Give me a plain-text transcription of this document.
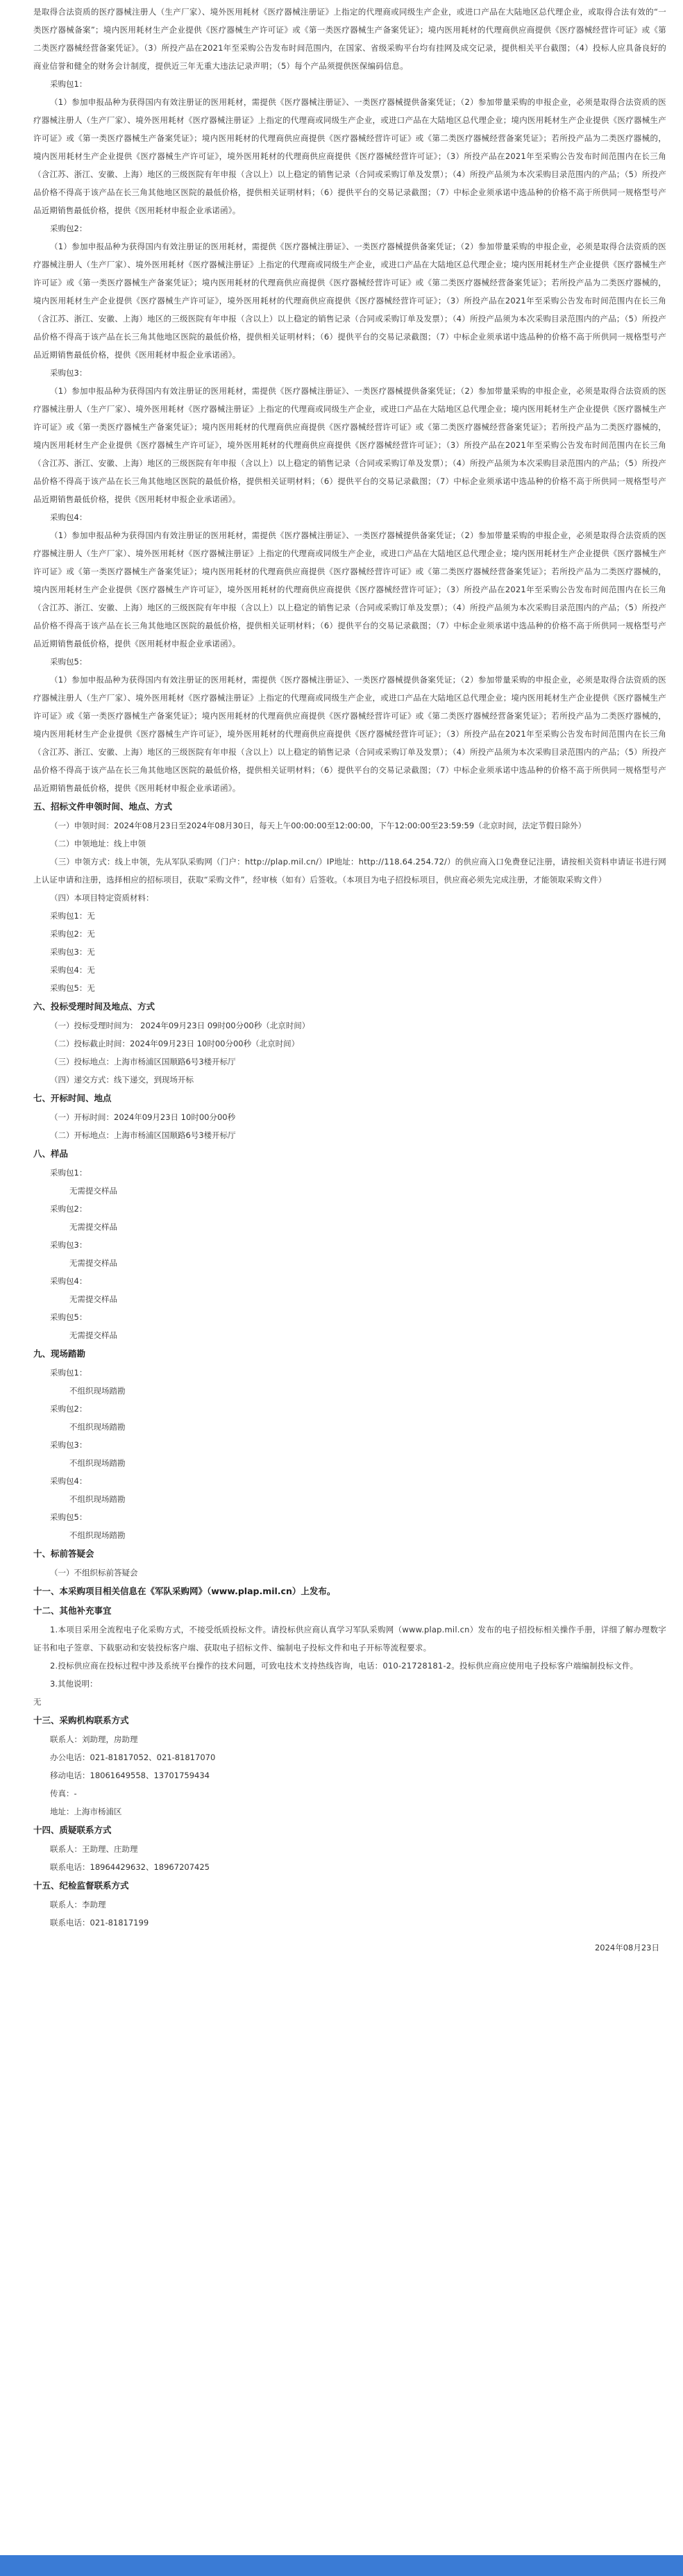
是取得合法资质的医疗器械注册人（生产厂家）、境外医用耗材《医疗器械注册证》上指定的代理商或同级生产企业，或进口产品在大陆地区总代理企业，或取得合法有效的“一类医疗器械备案”；境内医用耗材生产企业提供《医疗器械生产许可证》或《第一类医疗器械生产备案凭证》；境内医用耗材的代理商供应商提供《医疗器械经营许可证》或《第二类医疗器械经营备案凭证》。（3）所投产品在2021年至采购公告发布时间范围内，在国家、省级采购平台均有挂网及成交记录，提供相关平台截图；（4）投标人应具备良好的商业信誉和健全的财务会计制度，提供近三年无重大违法记录声明；（5）每个产品须提供医保编码信息。

采购包1：

（1）参加申报品种为获得国内有效注册证的医用耗材，需提供《医疗器械注册证》、一类医疗器械提供备案凭证；（2）参加带量采购的申报企业，必须是取得合法资质的医疗器械注册人（生产厂家）、境外医用耗材《医疗器械注册证》上指定的代理商或同级生产企业，或进口产品在大陆地区总代理企业；境内医用耗材生产企业提供《医疗器械生产许可证》或《第一类医疗器械生产备案凭证》；境内医用耗材的代理商供应商提供《医疗器械经营许可证》或《第二类医疗器械经营备案凭证》；若所投产品为二类医疗器械的，境内医用耗材生产企业提供《医疗器械生产许可证》，境外医用耗材的代理商供应商提供《医疗器械经营许可证》；（3）所投产品在2021年至采购公告发布时间范围内在长三角（含江苏、浙江、安徽、上海）地区的三级医院有年申报（含以上）以上稳定的销售记录（合同或采购订单及发票）；（4）所投产品须为本次采购目录范围内的产品；（5）所投产品价格不得高于该产品在长三角其他地区医院的最低价格，提供相关证明材料；（6）提供平台的交易记录截图；（7）中标企业须承诺中选品种的价格不高于所供同一规格型号产品近期销售最低价格，提供《医用耗材申报企业承诺函》。

采购包2：

（1）参加申报品种为获得国内有效注册证的医用耗材，需提供《医疗器械注册证》、一类医疗器械提供备案凭证；（2）参加带量采购的申报企业，必须是取得合法资质的医疗器械注册人（生产厂家）、境外医用耗材《医疗器械注册证》上指定的代理商或同级生产企业，或进口产品在大陆地区总代理企业；境内医用耗材生产企业提供《医疗器械生产许可证》或《第一类医疗器械生产备案凭证》；境内医用耗材的代理商供应商提供《医疗器械经营许可证》或《第二类医疗器械经营备案凭证》；若所投产品为二类医疗器械的，境内医用耗材生产企业提供《医疗器械生产许可证》，境外医用耗材的代理商供应商提供《医疗器械经营许可证》；（3）所投产品在2021年至采购公告发布时间范围内在长三角（含江苏、浙江、安徽、上海）地区的三级医院有年申报（含以上）以上稳定的销售记录（合同或采购订单及发票）；（4）所投产品须为本次采购目录范围内的产品；（5）所投产品价格不得高于该产品在长三角其他地区医院的最低价格，提供相关证明材料；（6）提供平台的交易记录截图；（7）中标企业须承诺中选品种的价格不高于所供同一规格型号产品近期销售最低价格，提供《医用耗材申报企业承诺函》。

采购包3：

（1）参加申报品种为获得国内有效注册证的医用耗材，需提供《医疗器械注册证》、一类医疗器械提供备案凭证；（2）参加带量采购的申报企业，必须是取得合法资质的医疗器械注册人（生产厂家）、境外医用耗材《医疗器械注册证》上指定的代理商或同级生产企业，或进口产品在大陆地区总代理企业；境内医用耗材生产企业提供《医疗器械生产许可证》或《第一类医疗器械生产备案凭证》；境内医用耗材的代理商供应商提供《医疗器械经营许可证》或《第二类医疗器械经营备案凭证》；若所投产品为二类医疗器械的，境内医用耗材生产企业提供《医疗器械生产许可证》，境外医用耗材的代理商供应商提供《医疗器械经营许可证》；（3）所投产品在2021年至采购公告发布时间范围内在长三角（含江苏、浙江、安徽、上海）地区的三级医院有年申报（含以上）以上稳定的销售记录（合同或采购订单及发票）；（4）所投产品须为本次采购目录范围内的产品；（5）所投产品价格不得高于该产品在长三角其他地区医院的最低价格，提供相关证明材料；（6）提供平台的交易记录截图；（7）中标企业须承诺中选品种的价格不高于所供同一规格型号产品近期销售最低价格，提供《医用耗材申报企业承诺函》。

采购包4：

（1）参加申报品种为获得国内有效注册证的医用耗材，需提供《医疗器械注册证》、一类医疗器械提供备案凭证；（2）参加带量采购的申报企业，必须是取得合法资质的医疗器械注册人（生产厂家）、境外医用耗材《医疗器械注册证》上指定的代理商或同级生产企业，或进口产品在大陆地区总代理企业；境内医用耗材生产企业提供《医疗器械生产许可证》或《第一类医疗器械生产备案凭证》；境内医用耗材的代理商供应商提供《医疗器械经营许可证》或《第二类医疗器械经营备案凭证》；若所投产品为二类医疗器械的，境内医用耗材生产企业提供《医疗器械生产许可证》，境外医用耗材的代理商供应商提供《医疗器械经营许可证》；（3）所投产品在2021年至采购公告发布时间范围内在长三角（含江苏、浙江、安徽、上海）地区的三级医院有年申报（含以上）以上稳定的销售记录（合同或采购订单及发票）；（4）所投产品须为本次采购目录范围内的产品；（5）所投产品价格不得高于该产品在长三角其他地区医院的最低价格，提供相关证明材料；（6）提供平台的交易记录截图；（7）中标企业须承诺中选品种的价格不高于所供同一规格型号产品近期销售最低价格，提供《医用耗材申报企业承诺函》。

采购包5：

（1）参加申报品种为获得国内有效注册证的医用耗材，需提供《医疗器械注册证》、一类医疗器械提供备案凭证；（2）参加带量采购的申报企业，必须是取得合法资质的医疗器械注册人（生产厂家）、境外医用耗材《医疗器械注册证》上指定的代理商或同级生产企业，或进口产品在大陆地区总代理企业；境内医用耗材生产企业提供《医疗器械生产许可证》或《第一类医疗器械生产备案凭证》；境内医用耗材的代理商供应商提供《医疗器械经营许可证》或《第二类医疗器械经营备案凭证》；若所投产品为二类医疗器械的，境内医用耗材生产企业提供《医疗器械生产许可证》，境外医用耗材的代理商供应商提供《医疗器械经营许可证》；（3）所投产品在2021年至采购公告发布时间范围内在长三角（含江苏、浙江、安徽、上海）地区的三级医院有年申报（含以上）以上稳定的销售记录（合同或采购订单及发票）；（4）所投产品须为本次采购目录范围内的产品；（5）所投产品价格不得高于该产品在长三角其他地区医院的最低价格，提供相关证明材料；（6）提供平台的交易记录截图；（7）中标企业须承诺中选品种的价格不高于所供同一规格型号产品近期销售最低价格，提供《医用耗材申报企业承诺函》。

五、招标文件申领时间、地点、方式

（一）申领时间：2024年08月23日至2024年08月30日，每天上午00:00:00至12:00:00，下午12:00:00至23:59:59（北京时间，法定节假日除外）

（二）申领地址：线上申领

（三）申领方式：线上申领，先从军队采购网（门户：http://plap.mil.cn/）IP地址：http://118.64.254.72/）的供应商入口免费登记注册，请按相关资料申请证书进行网上认证申请和注册，选择相应的招标项目，获取“采购文件”，经审核（如有）后签收。（本项目为电子招投标项目，供应商必须先完成注册，才能领取采购文件）

（四）本项目特定资质材料：

采购包1：无

采购包2：无

采购包3：无

采购包4：无

采购包5：无

六、投标受理时间及地点、方式

（一）投标受理时间为： 2024年09月23日 09时00分00秒（北京时间）

（二）投标截止时间：2024年09月23日 10时00分00秒（北京时间）

（三）投标地点：上海市杨浦区国顺路6号3楼开标厅

（四）递交方式：线下递交，到现场开标

七、开标时间、地点

（一）开标时间：2024年09月23日 10时00分00秒

（二）开标地点：上海市杨浦区国顺路6号3楼开标厅

八、样品

采购包1：

无需提交样品

采购包2：

无需提交样品

采购包3：

无需提交样品

采购包4：

无需提交样品

采购包5：

无需提交样品

九、现场踏勘

采购包1：

不组织现场踏勘

采购包2：

不组织现场踏勘

采购包3：

不组织现场踏勘

采购包4：

不组织现场踏勘

采购包5：

不组织现场踏勘

十、标前答疑会

（一）不组织标前答疑会

十一、本采购项目相关信息在《军队采购网》（www.plap.mil.cn）上发布。

十二、其他补充事宜

1.本项目采用全流程电子化采购方式，不接受纸质投标文件。请投标供应商认真学习军队采购网（www.plap.mil.cn）发布的电子招投标相关操作手册，详细了解办理数字证书和电子签章、下载驱动和安装投标客户端、获取电子招标文件、编制电子投标文件和电子开标等流程要求。

2.投标供应商在投标过程中涉及系统平台操作的技术问题，可致电技术支持热线咨询，电话：010-21728181-2。投标供应商应使用电子投标客户端编制投标文件。

3.其他说明：

无

十三、采购机构联系方式

联系人：刘助理，房助理

办公电话：021-81817052、021-81817070

移动电话：18061649558、13701759434

传真：-

地址：上海市杨浦区

十四、质疑联系方式

联系人：王助理、庄助理

联系电话：18964429632、18967207425

十五、纪检监督联系方式

联系人：李助理

联系电话：021-81817199

2024年08月23日
